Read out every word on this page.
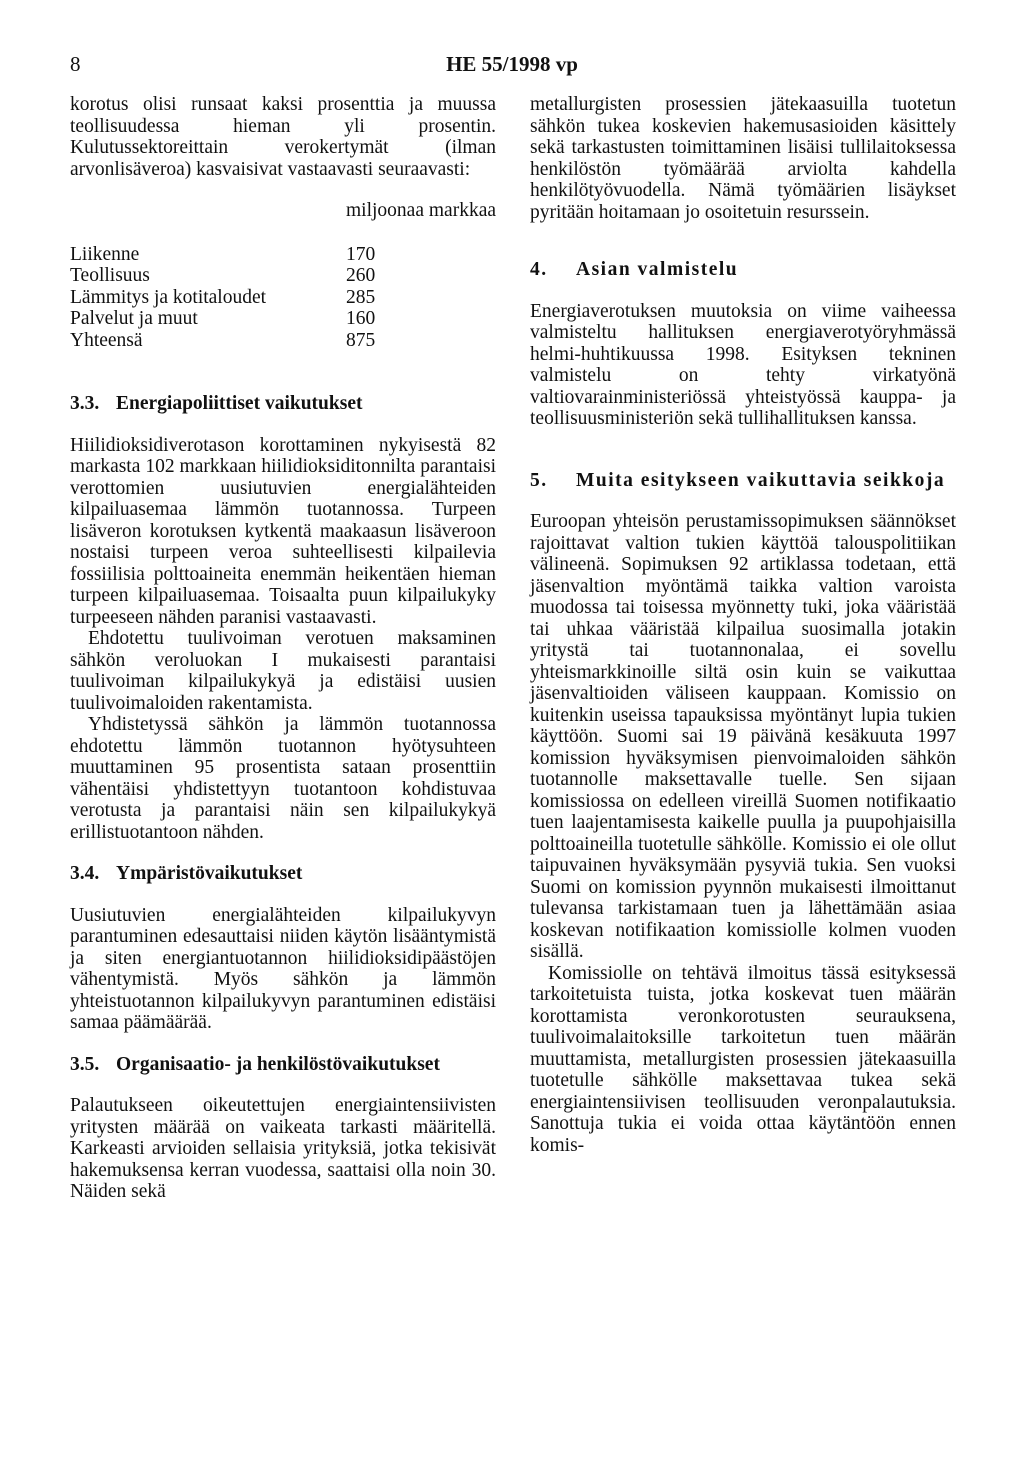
8	HE 55/1998 vp

korotus olisi runsaat kaksi prosenttia ja muussa teollisuudessa hieman yli prosentin. Kulutussektoreittain verokertymät (ilman arvonlisäveroa) kasvaisivat vastaavasti seuraavasti:

miljoonaa markkaa
Liikenne	170
Teollisuus	260
Lämmitys ja kotitaloudet	285
Palvelut ja muut	160
Yhteensä	875
3.3. Energiapoliittiset vaikutukset

Hiilidioksidiverotason korottaminen nykyisestä 82 markasta 102 markkaan hiilidioksiditonnilta parantaisi verottomien uusiutuvien energialähteiden kilpailuasemaa lämmön tuotannossa. Turpeen lisäveron korotuksen kytkentä maakaasun lisäveroon nostaisi turpeen veroa suhteellisesti kilpailevia fossiilisia polttoaineita enemmän heikentäen hieman turpeen kilpailuasemaa. Toisaalta puun kilpailukyky turpeeseen nähden paranisi vastaavasti.

Ehdotettu tuulivoiman verotuen maksaminen sähkön veroluokan I mukaisesti parantaisi tuulivoiman kilpailukykyä ja edistäisi uusien tuulivoimaloiden rakentamista.

Yhdistetyssä sähkön ja lämmön tuotannossa ehdotettu lämmön tuotannon hyötysuhteen muuttaminen 95 prosentista sataan prosenttiin vähentäisi yhdistettyyn tuotantoon kohdistuvaa verotusta ja parantaisi näin sen kilpailukykyä erillistuotantoon nähden.

3.4. Ympäristövaikutukset

Uusiutuvien energialähteiden kilpailukyvyn parantuminen edesauttaisi niiden käytön lisääntymistä ja siten energiantuotannon hiilidioksidipäästöjen vähentymistä. Myös sähkön ja lämmön yhteistuotannon kilpailukyvyn parantuminen edistäisi samaa päämäärää.

3.5. Organisaatio- ja henkilöstövaikutukset

Palautukseen oikeutettujen energiaintensiivisten yritysten määrää on vaikeata tarkasti määritellä. Karkeasti arvioiden sellaisia yrityksiä, jotka tekisivät hakemuksensa kerran vuodessa, saattaisi olla noin 30. Näiden sekä

metallurgisten prosessien jätekaasuilla tuotetun sähkön tukea koskevien hakemusasioiden käsittely sekä tarkastusten toimittaminen lisäisi tullilaitoksessa henkilöstön työmäärää arviolta kahdella henkilötyövuodella. Nämä työmäärien lisäykset pyritään hoitamaan jo osoitetuin resurssein.

4. Asian valmistelu

Energiaverotuksen muutoksia on viime vaiheessa valmisteltu hallituksen energiaverotyöryhmässä helmi-huhtikuussa 1998. Esityksen tekninen valmistelu on tehty virkatyönä valtiovarainministeriössä yhteistyössä kauppa- ja teollisuusministeriön sekä tullihallituksen kanssa.

5.	Muita esitykseen vaikuttavia seikkoja

Euroopan yhteisön perustamissopimuksen säännökset rajoittavat valtion tukien käyttöä talouspolitiikan välineenä. Sopimuksen 92 artiklassa todetaan, että jäsenvaltion myöntämä taikka valtion varoista muodossa tai toisessa myönnetty tuki, joka vääristää tai uhkaa vääristää kilpailua suosimalla jotakin yritystä tai tuotannonalaa, ei sovellu yhteismarkkinoille siltä osin kuin se vaikuttaa jäsenvaltioiden väliseen kauppaan. Komissio on kuitenkin useissa tapauksissa myöntänyt lupia tukien käyttöön. Suomi sai 19 päivänä kesäkuuta 1997 komission hyväksymisen pienvoimaloiden sähkön tuotannolle maksettavalle tuelle. Sen sijaan komissiossa on edelleen vireillä Suomen notifikaatio tuen laajentamisesta kaikelle puulla ja puupohjaisilla polttoaineilla tuotetulle sähkölle. Komissio ei ole ollut taipuvainen hyväksymään pysyviä tukia. Sen vuoksi Suomi on komission pyynnön mukaisesti ilmoittanut tulevansa tarkistamaan tuen ja lähettämään asiaa koskevan notifikaation komissiolle kolmen vuoden sisällä.

Komissiolle on tehtävä ilmoitus tässä esityksessä tarkoitetuista tuista, jotka koskevat tuen määrän korottamista veronkorotusten seurauksena, tuulivoimalaitoksille tarkoitetun tuen määrän muuttamista, metallurgisten prosessien jätekaasuilla tuotetulle sähkölle maksettavaa tukea sekä energiaintensiivisen teollisuuden veronpalautuksia. Sanottuja tukia ei voida ottaa käytäntöön ennen komis-
